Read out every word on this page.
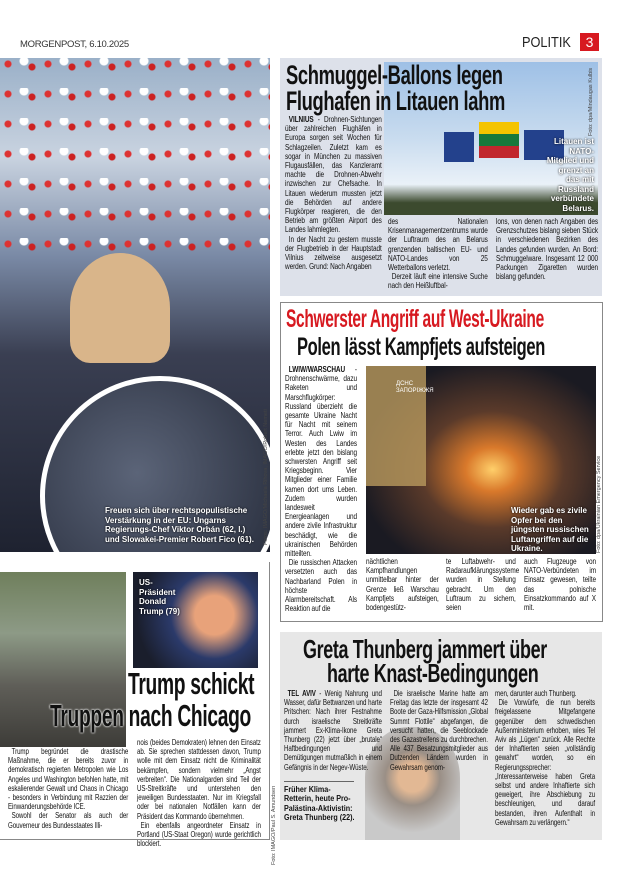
MORGENPOST, 6.10.2025	POLITIK	3
Freuen sich über rechtspopulistische Verstärkung in der EU: Ungarns Regierungs-Chef Viktor Orbán (62, l.) und Slowakei-Premier Robert Fico (61).	Fotos: IMAGO/Michaela Rihova, IMAGO/Robert Nemeti
Litauen ist NATO-Mitglied und grenzt an das mit Russland verbündete Belarus.
Foto: dpa/Mindaugas Kulbis
Schmuggel-Ballons legen
Flughafen in Litauen lahm

VILNIUS - Drohnen-Sichtungen über zahlreichen Flughäfen in Europa sorgen seit Wochen für Schlagzeilen. Zuletzt kam es sogar in München zu massiven Flugausfällen, das Kanzleramt machte die Drohnen-Abwehr inzwischen zur Chefsache. In Litauen wiederum mussten jetzt die Behörden auf andere Flugkörper reagieren, die den Betrieb am größten Airport des Landes lahmlegten.

In der Nacht zu gestern musste der Flugbetrieb in der Hauptstadt Vilnius zeitweise ausgesetzt werden. Grund: Nach Angaben

des Nationalen Krisenmanagementzentrums wurde der Luftraum des an Belarus grenzenden baltischen EU- und NATO-Landes von 25 Wetterballons verletzt.

Derzeit läuft eine intensive Suche nach den Heißluftbal-

lons, von denen nach Angaben des Grenzschutzes bislang sieben Stück in verschiedenen Bezirken des Landes gefunden wurden. An Bord: Schmuggelware. Insgesamt 12 000 Packungen Zigaretten wurden bislang gefunden.

Schwerster Angriff auf West-Ukraine
Polen lässt Kampfjets aufsteigen

LWIW/WARSCHAU - Drohnenschwärme, dazu Raketen und Marschflugkörper: Russland überzieht die gesamte Ukraine Nacht für Nacht mit seinem Terror. Auch Lwiw im Westen des Landes erlebte jetzt den bislang schwersten Angriff seit Kriegsbeginn. Vier Mitglieder einer Familie kamen dort ums Leben. Zudem wurden landesweit Energieanlagen und andere zivile Infrastruktur beschädigt, wie die ukrainischen Behörden mitteilten.

Die russischen Attacken versetzten auch das Nachbarland Polen in höchste Alarmbereitschaft. Als Reaktion auf die

ДСНС ЗАПОРІЖЖЯ
Wieder gab es zivile Opfer bei den jüngsten russischen Luftangriffen auf die Ukraine.	Foto: dpa/Ukrainian Emergency Service

nächtlichen Kampfhandlungen unmittelbar hinter der Grenze ließ Warschau Kampfjets aufsteigen, bodengestütz-

te Luftabwehr- und Radaraufklärungssysteme wurden in Stellung gebracht. Um den Luftraum zu sichern, seien

auch Flugzeuge von NATO-Verbündeten im Einsatz gewesen, teilte das polnische Einsatzkommando auf X mit.

US-Präsident Donald Trump (79)
Trump schickt
Truppen nach Chicago

Trump begründet die drastische Maßnahme, die er bereits zuvor in demokratisch regierten Metropolen wie Los Angeles und Washington befohlen hatte, mit eskalierender Gewalt und Chaos in Chicago - besonders in Verbindung mit Razzien der Einwanderungsbehörde ICE.

Sowohl der Senator als auch der Gouverneur des Bundesstaates Illi-

nois (beides Demokraten) lehnen den Einsatz ab. Sie sprechen stattdessen davon, Trump wolle mit dem Einsatz nicht die Kriminalität bekämpfen, sondern vielmehr „Angst verbreiten“. Die Nationalgarden sind Teil der US-Streitkräfte und unterstehen den jeweiligen Bundesstaaten. Nur im Kriegsfall oder bei nationalen Notfällen kann der Präsident das Kommando übernehmen.

Ein ebenfalls angeordneter Einsatz in Portland (US-Staat Oregon) wurde gerichtlich blockiert.

Greta Thunberg jammert über
harte Knast-Bedingungen

TEL AVIV - Wenig Nahrung und Wasser, dafür Bettwanzen und harte Pritschen: Nach ihrer Festnahme durch israelische Streitkräfte jammert Ex-Klima-Ikone Greta Thunberg (22) jetzt über „brutale“ Haftbedingungen und Demütigungen mutmaßlich in einem Gefängnis in der Negev-Wüste.

Früher Klima-Retterin, heute Pro-Palästina-Aktivistin: Greta Thunberg (22).

Die israelische Marine hatte am Freitag das letzte der insgesamt 42 Boote der Gaza-Hilfsmission „Global Summt Flottile“ abgefangen, die versucht hatten, die Seeblockade des Gazastreifens zu durchbrechen. Alle 437 Besatzungsmitglieder aus Dutzenden Ländern wurden in Gewahrsam genom-

men, darunter auch Thunberg.

Die Vorwürfe, die nun bereits freigelassene Mitgefangene gegenüber dem schwedischen Außenministerium erhoben, wies Tel Aviv als „Lügen“ zurück. Alle Rechte der Inhaftierten seien „vollständig gewahrt“ worden, so ein Regierungssprecher: „Interessanterweise haben Greta selbst und andere Inhaftierte sich geweigert, ihre Abschiebung zu beschleunigen, und darauf bestanden, ihren Aufenthalt in Gewahrsam zu verlängern.“

Foto: IMAGO/Paul S. Amundsen
